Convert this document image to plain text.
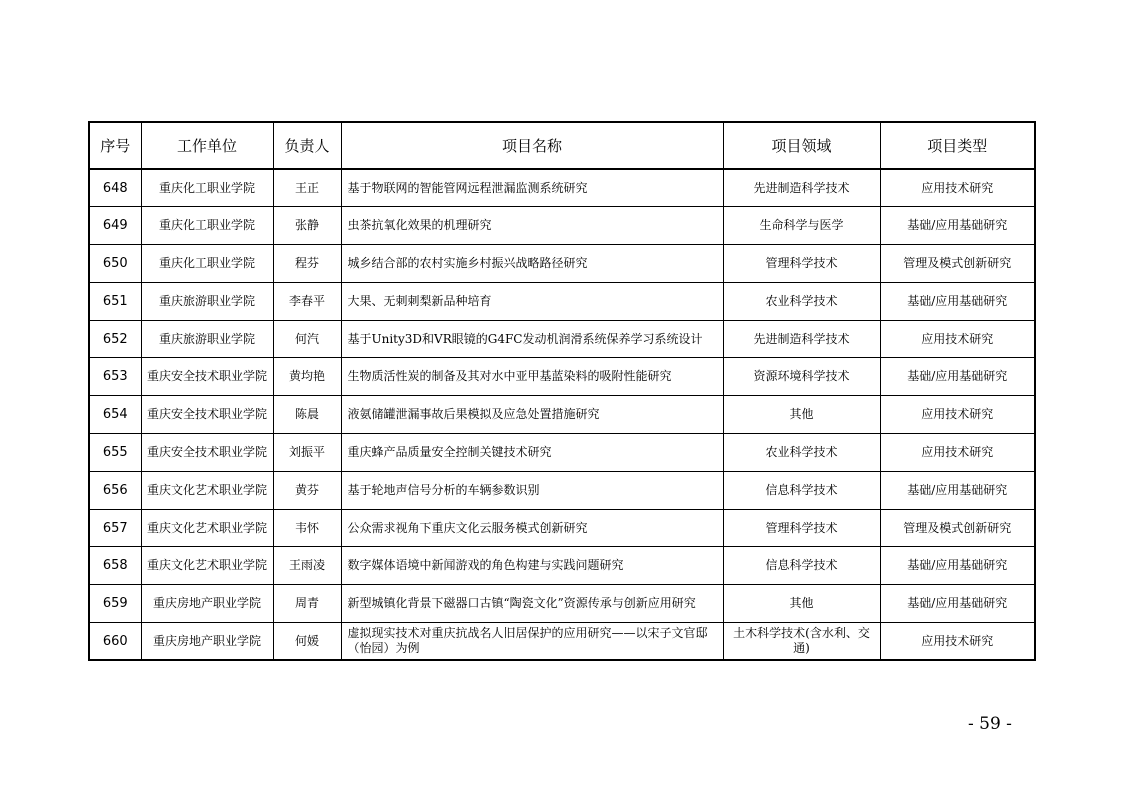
序号	工作单位	负责人	项目名称	项目领域	项目类型
648	重庆化工职业学院	王正	基于物联网的智能管网远程泄漏监测系统研究	先进制造科学技术	应用技术研究
649	重庆化工职业学院	张静	虫茶抗氧化效果的机理研究	生命科学与医学	基础/应用基础研究
650	重庆化工职业学院	程芬	城乡结合部的农村实施乡村振兴战略路径研究	管理科学技术	管理及模式创新研究
651	重庆旅游职业学院	李春平	大果、无刺刺梨新品种培育	农业科学技术	基础/应用基础研究
652	重庆旅游职业学院	何汽	基于Unity3D和VR眼镜的G4FC发动机润滑系统保养学习系统设计	先进制造科学技术	应用技术研究
653	重庆安全技术职业学院	黄均艳	生物质活性炭的制备及其对水中亚甲基蓝染料的吸附性能研究	资源环境科学技术	基础/应用基础研究
654	重庆安全技术职业学院	陈晨	液氨储罐泄漏事故后果模拟及应急处置措施研究	其他	应用技术研究
655	重庆安全技术职业学院	刘振平	重庆蜂产品质量安全控制关键技术研究	农业科学技术	应用技术研究
656	重庆文化艺术职业学院	黄芬	基于轮地声信号分析的车辆参数识别	信息科学技术	基础/应用基础研究
657	重庆文化艺术职业学院	韦怀	公众需求视角下重庆文化云服务模式创新研究	管理科学技术	管理及模式创新研究
658	重庆文化艺术职业学院	王雨凌	数字媒体语境中新闻游戏的角色构建与实践问题研究	信息科学技术	基础/应用基础研究
659	重庆房地产职业学院	周青	新型城镇化背景下磁器口古镇“陶瓷文化”资源传承与创新应用研究	其他	基础/应用基础研究
660	重庆房地产职业学院	何媛	虚拟现实技术对重庆抗战名人旧居保护的应用研究——以宋子文官邸（怡园）为例	土木科学技术(含水利、交通)	应用技术研究
- 59 -
